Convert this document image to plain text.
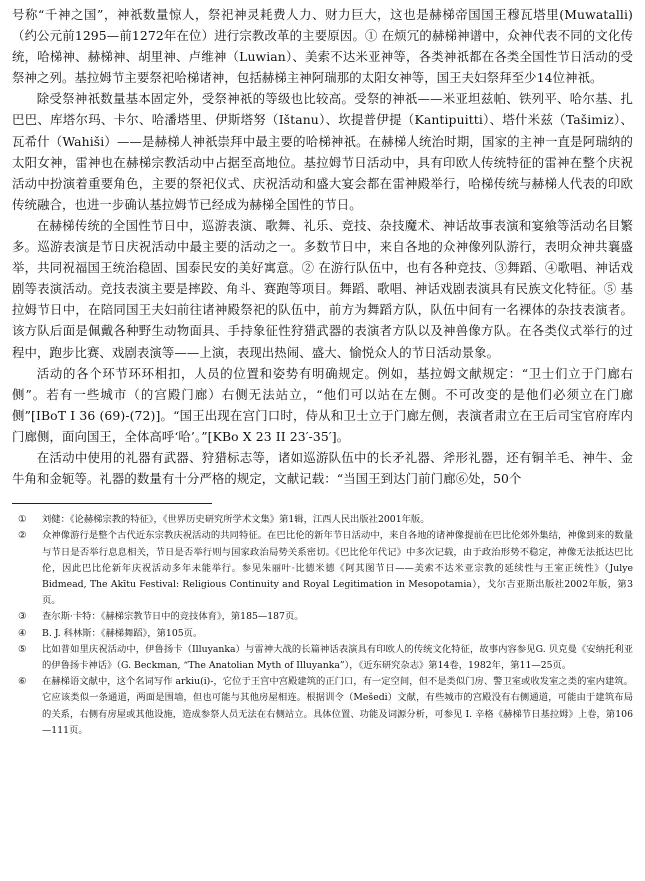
号称“千神之国”，神祇数量惊人，祭祀神灵耗费人力、财力巨大，这也是赫梯帝国国王穆瓦塔里(Muwatalli)（约公元前1295—前1272年在位）进行宗教改革的主要原因。① 在烦冗的赫梯神谱中，众神代表不同的文化传统，哈梯神、赫梯神、胡里神、卢维神（Luwian）、美索不达米亚神等，各类神祇都在各类全国性节日活动的受祭神之列。基拉姆节主要祭祀哈梯诸神，包括赫梯主神阿瑞那的太阳女神等，国王夫妇祭拜至少14位神祇。

除受祭神祇数量基本固定外，受祭神祇的等级也比较高。受祭的神祇——米亚坦兹帕、铁列平、哈尔基、扎巴巴、库塔尔玛、卡尔、哈潘塔里、伊斯塔努（Ištanu）、坎提普伊提（Kantipuitti）、塔什米兹（Tašimiz）、瓦希什（Wahiši）——是赫梯人神祇崇拜中最主要的哈梯神祇。在赫梯人统治时期，国家的主神一直是阿瑞纳的太阳女神，雷神也在赫梯宗教活动中占据至高地位。基拉姆节日活动中，具有印欧人传统特征的雷神在整个庆祝活动中扮演着重要角色，主要的祭祀仪式、庆祝活动和盛大宴会都在雷神殿举行，哈梯传统与赫梯人代表的印欧传统融合，也进一步确认基拉姆节已经成为赫梯全国性的节日。

在赫梯传统的全国性节日中，巡游表演、歌舞、礼乐、竞技、杂技魔术、神话故事表演和宴飨等活动名目繁多。巡游表演是节日庆祝活动中最主要的活动之一。多数节日中，来自各地的众神像列队游行，表明众神共襄盛举，共同祝福国王统治稳固、国泰民安的美好寓意。② 在游行队伍中，也有各种竞技、③舞蹈、④歌唱、神话戏剧等表演活动。竞技表演主要是摔跤、角斗、赛跑等项目。舞蹈、歌唱、神话戏剧表演具有民族文化特征。⑤ 基拉姆节日中，在陪同国王夫妇前往诸神殿祭祀的队伍中，前方为舞蹈方队，队伍中间有一名裸体的杂技表演者。该方队后面是佩戴各种野生动物面具、手持象征性狩猎武器的表演者方队以及神兽像方队。在各类仪式举行的过程中，跑步比赛、戏剧表演等——上演，表现出热闹、盛大、愉悦众人的节日活动景象。

活动的各个环节环环相扣，人员的位置和姿势有明确规定。例如，基拉姆文献规定：“卫士们立于门廊右侧”。若有一些城市（的宫殿门廊）右侧无法站立，“他们可以站在左侧。不可改变的是他们必须立在门廊侧”[IBoT I 36 (69)-(72)]。“国王出现在宫门口时，侍从和卫士立于门廊左侧，表演者肃立在王后司宝官府库内门廊侧，面向国王，全体高呼‘哈’。”[KBo X 23 II 23′-35′]。

在活动中使用的礼器有武器、狩猎标志等，诸如巡游队伍中的长矛礼器、斧形礼器，还有铜羊毛、神牛、金牛角和金轭等。礼器的数量有十分严格的规定，文献记载：“当国王到达门前门廊⑥处，50个

①	刘健：《论赫梯宗教的特征》，《世界历史研究所学术文集》第1辑，江西人民出版社2001年版。
②	众神像游行是整个古代近东宗教庆祝活动的共同特征。在巴比伦的新年节日活动中，来自各地的诸神像提前在巴比伦郊外集结，神像到来的数量与节日是否举行息息相关，节日是否举行则与国家政治局势关系密切。《巴比伦年代记》中多次记载，由于政治形势不稳定，神像无法抵达巴比伦，因此巴比伦新年庆祝活动多年未能举行。参见朱丽叶·比德米德《阿其图节日——美索不达米亚宗教的延续性与王室正统性》（Julye Bidmead, The Akītu Festival: Religious Continuity and Royal Legitimation in Mesopotamia），戈尔吉亚斯出版社2002年版，第3页。
③	查尔斯·卡特：《赫梯宗教节日中的竞技体育》，第185—187页。
④	B. J. 科林斯：《赫梯舞蹈》，第105页。
⑤	比如普如里庆祝活动中，伊鲁扬卡（Illuyanka）与雷神大战的长篇神话表演具有印欧人的传统文化特征，故事内容参见G. 贝克曼《安纳托利亚的伊鲁扬卡神话》（G. Beckman, “The Anatolian Myth of Illuyanka”），《近东研究杂志》第14卷，1982年，第11—25页。
⑥	在赫梯语文献中，这个名词写作 arkiu(i)-，它位于王宫中宫殿建筑的正门口，有一定空间，但不是类似门房、警卫室或收发室之类的室内建筑。它应该类似一条通道，两面是围墙，但也可能与其他房屋相连。根据训令（Mešedi）文献，有些城市的宫殿没有右侧通道，可能由于建筑布局的关系，右侧有房屋或其他设施，造成参祭人员无法在右侧站立。具体位置、功能及词源分析，可参见 I. 辛格《赫梯节日基拉姆》上卷，第106—111页。
